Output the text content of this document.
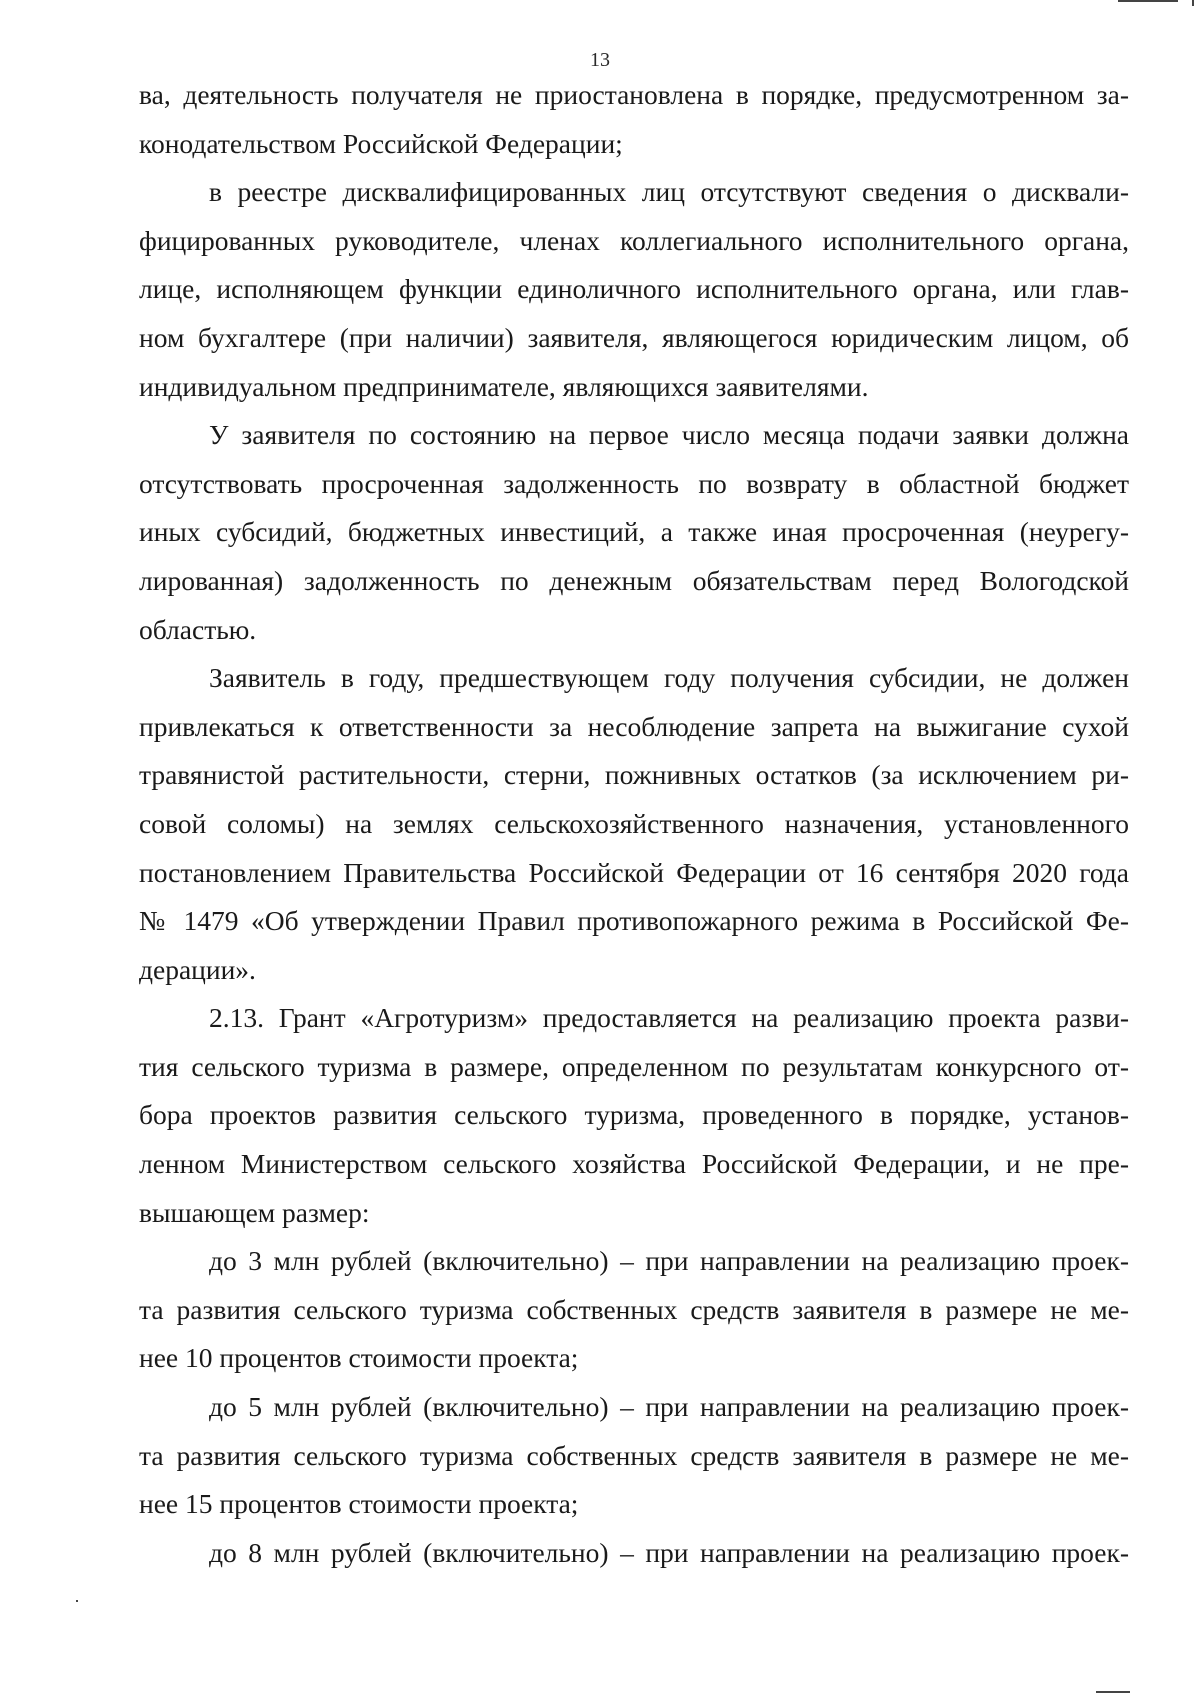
13
ва, деятельность получателя не приостановлена в порядке, предусмотренном за-
конодательством Российской Федерации;
в реестре дисквалифицированных лиц отсутствуют сведения о дисквали-
фицированных руководителе, членах коллегиального исполнительного органа,
лице, исполняющем функции единоличного исполнительного органа, или глав-
ном бухгалтере (при наличии) заявителя, являющегося юридическим лицом, об
индивидуальном предпринимателе, являющихся заявителями.
У заявителя по состоянию на первое число месяца подачи заявки должна
отсутствовать просроченная задолженность по возврату в областной бюджет
иных субсидий, бюджетных инвестиций, а также иная просроченная (неурегу-
лированная) задолженность по денежным обязательствам перед Вологодской
областью.
Заявитель в году, предшествующем году получения субсидии, не должен
привлекаться к ответственности за несоблюдение запрета на выжигание сухой
травянистой растительности, стерни, пожнивных остатков (за исключением ри-
совой соломы) на землях сельскохозяйственного назначения, установленного
постановлением Правительства Российской Федерации от 16 сентября 2020 года
№ 1479 «Об утверждении Правил противопожарного режима в Российской Фе-
дерации».
2.13. Грант «Агротуризм» предоставляется на реализацию проекта разви-
тия сельского туризма в размере, определенном по результатам конкурсного от-
бора проектов развития сельского туризма, проведенного в порядке, установ-
ленном Министерством сельского хозяйства Российской Федерации, и не пре-
вышающем размер:
до 3 млн рублей (включительно) – при направлении на реализацию проек-
та развития сельского туризма собственных средств заявителя в размере не ме-
нее 10 процентов стоимости проекта;
до 5 млн рублей (включительно) – при направлении на реализацию проек-
та развития сельского туризма собственных средств заявителя в размере не ме-
нее 15 процентов стоимости проекта;
до 8 млн рублей (включительно) – при направлении на реализацию проек-
